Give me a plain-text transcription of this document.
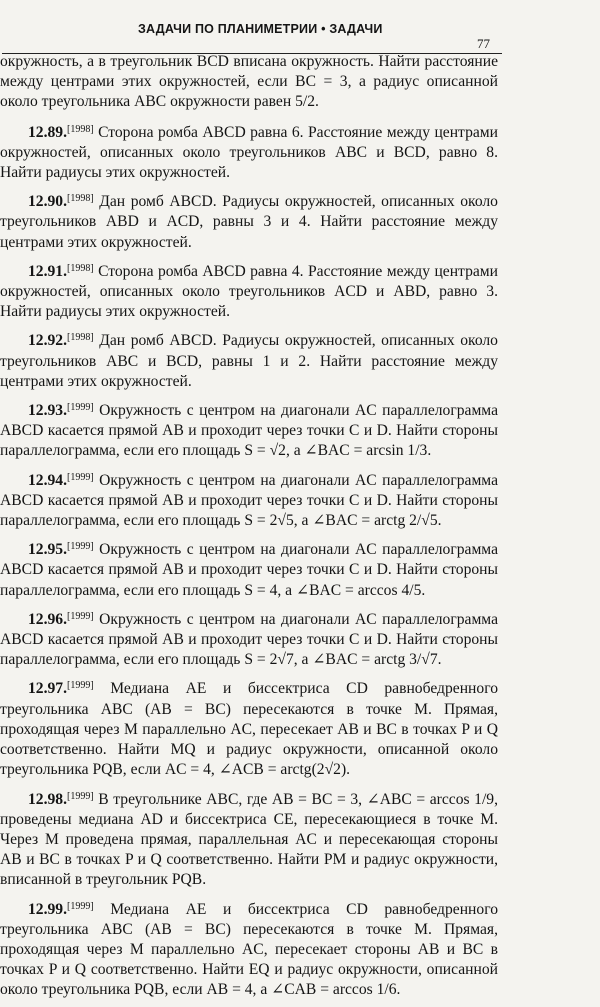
ЗАДАЧИ ПО ПЛАНИМЕТРИИ • ЗАДАЧИ
77

окружность, а в треугольник BCD вписана окружность. Найти расстояние между центрами этих окружностей, если BC = 3, а радиус описанной около треугольника ABC окружности равен 5/2.

12.89.[1998] Сторона ромба ABCD равна 6. Расстояние между центрами окружностей, описанных около треугольников ABC и BCD, равно 8. Найти радиусы этих окружностей.

12.90.[1998] Дан ромб ABCD. Радиусы окружностей, описанных около треугольников ABD и ACD, равны 3 и 4. Найти расстояние между центрами этих окружностей.

12.91.[1998] Сторона ромба ABCD равна 4. Расстояние между центрами окружностей, описанных около треугольников ACD и ABD, равно 3. Найти радиусы этих окружностей.

12.92.[1998] Дан ромб ABCD. Радиусы окружностей, описанных около треугольников ABC и BCD, равны 1 и 2. Найти расстояние между центрами этих окружностей.

12.93.[1999] Окружность с центром на диагонали AC параллелограмма ABCD касается прямой AB и проходит через точки C и D. Найти стороны параллелограмма, если его площадь S = √2, а ∠BAC = arcsin 1/3.

12.94.[1999] Окружность с центром на диагонали AC параллелограмма ABCD касается прямой AB и проходит через точки C и D. Найти стороны параллелограмма, если его площадь S = 2√5, а ∠BAC = arctg 2/√5.

12.95.[1999] Окружность с центром на диагонали AC параллелограмма ABCD касается прямой AB и проходит через точки C и D. Найти стороны параллелограмма, если его площадь S = 4, а ∠BAC = arccos 4/5.

12.96.[1999] Окружность с центром на диагонали AC параллелограмма ABCD касается прямой AB и проходит через точки C и D. Найти стороны параллелограмма, если его площадь S = 2√7, а ∠BAC = arctg 3/√7.

12.97.[1999] Медиана AE и биссектриса CD равнобедренного треугольника ABC (AB = BC) пересекаются в точке M. Прямая, проходящая через M параллельно AC, пересекает AB и BC в точках P и Q соответственно. Найти MQ и радиус окружности, описанной около треугольника PQB, если AC = 4, ∠ACB = arctg(2√2).

12.98.[1999] В треугольнике ABC, где AB = BC = 3, ∠ABC = arccos 1/9, проведены медиана AD и биссектриса CE, пересекающиеся в точке M. Через M проведена прямая, параллельная AC и пересекающая стороны AB и BC в точках P и Q соответственно. Найти PM и радиус окружности, вписанной в треугольник PQB.

12.99.[1999] Медиана AE и биссектриса CD равнобедренного треугольника ABC (AB = BC) пересекаются в точке M. Прямая, проходящая через M параллельно AC, пересекает стороны AB и BC в точках P и Q соответственно. Найти EQ и радиус окружности, описанной около треугольника PQB, если AB = 4, а ∠CAB = arccos 1/6.
